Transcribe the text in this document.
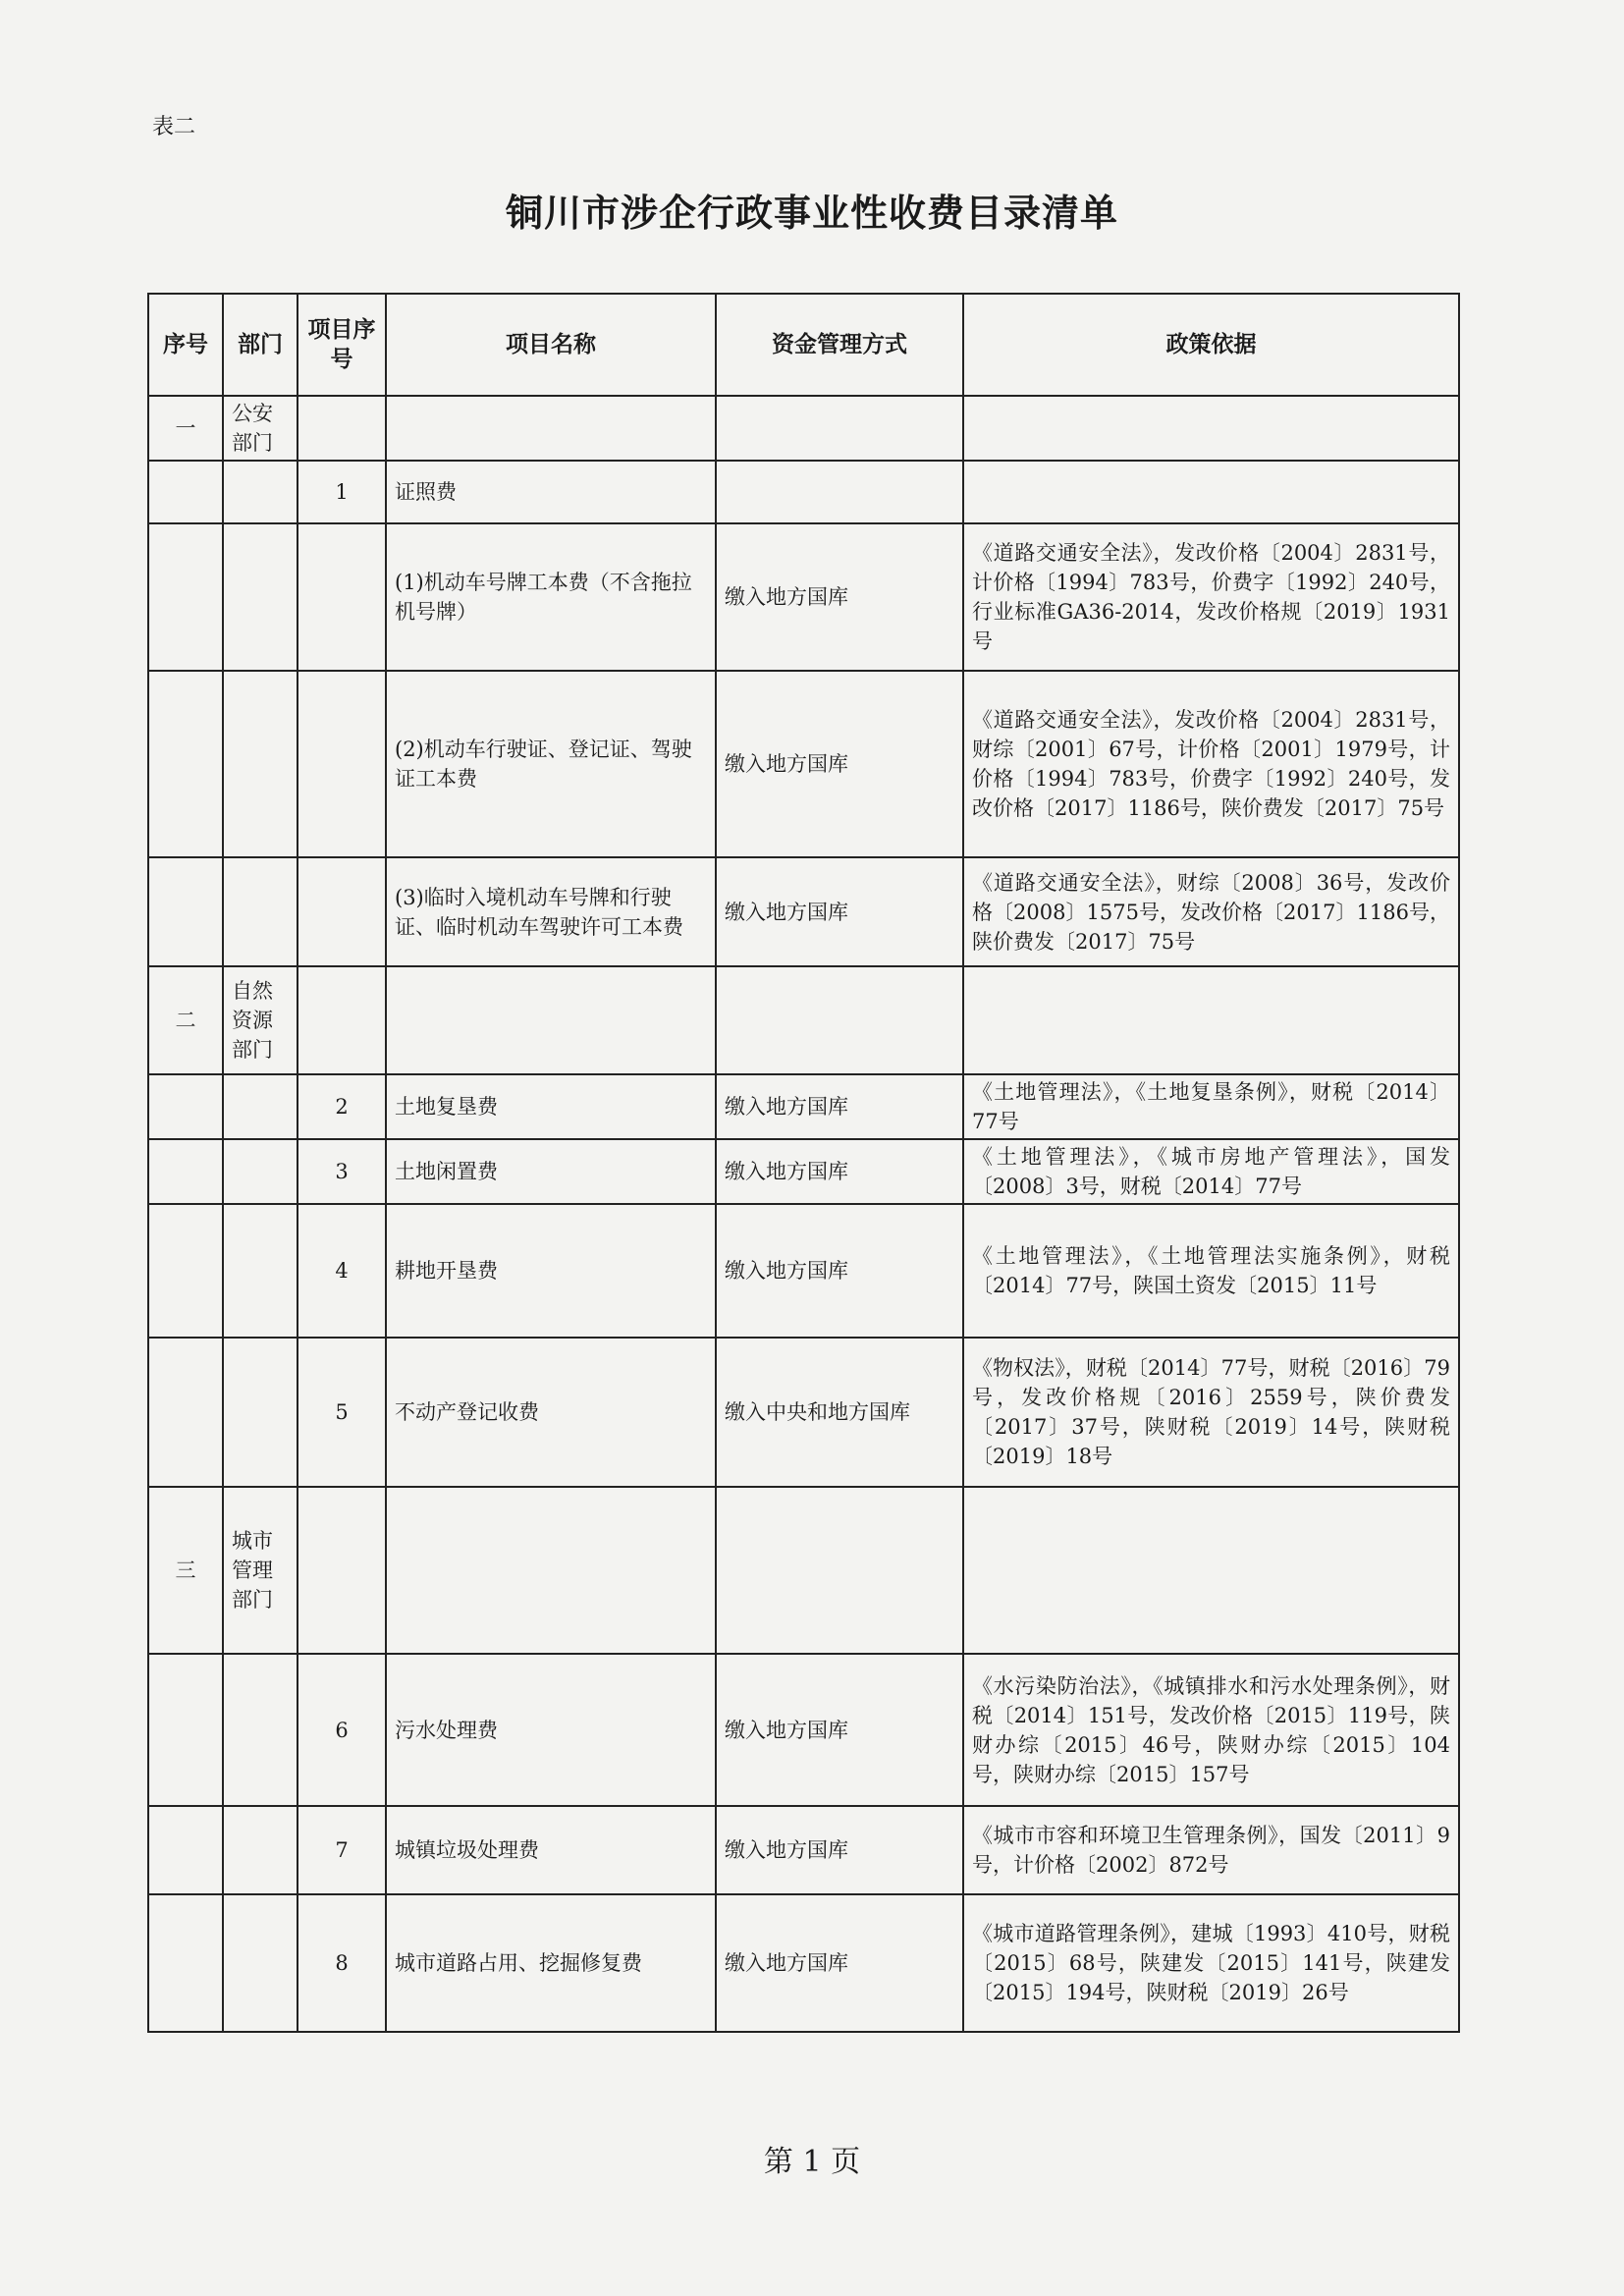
表二
铜川市涉企行政事业性收费目录清单
序号	部门	项目序号	项目名称	资金管理方式	政策依据
一	公安部门				
		1	证照费		
			(1)机动车号牌工本费（不含拖拉机号牌）	缴入地方国库	《道路交通安全法》，发改价格〔2004〕2831号，计价格〔1994〕783号，价费字〔1992〕240号，行业标准GA36-2014，发改价格规〔2019〕1931号
			(2)机动车行驶证、登记证、驾驶证工本费	缴入地方国库	《道路交通安全法》，发改价格〔2004〕2831号，财综〔2001〕67号，计价格〔2001〕1979号，计价格〔1994〕783号，价费字〔1992〕240号，发改价格〔2017〕1186号，陕价费发〔2017〕75号
			(3)临时入境机动车号牌和行驶证、临时机动车驾驶许可工本费	缴入地方国库	《道路交通安全法》，财综〔2008〕36号，发改价格〔2008〕1575号，发改价格〔2017〕1186号，陕价费发〔2017〕75号
二	自然资源部门				
		2	土地复垦费	缴入地方国库	《土地管理法》，《土地复垦条例》，财税〔2014〕77号
		3	土地闲置费	缴入地方国库	《土地管理法》，《城市房地产管理法》，国发〔2008〕3号，财税〔2014〕77号
		4	耕地开垦费	缴入地方国库	《土地管理法》，《土地管理法实施条例》，财税〔2014〕77号，陕国土资发〔2015〕11号
		5	不动产登记收费	缴入中央和地方国库	《物权法》，财税〔2014〕77号，财税〔2016〕79号，发改价格规〔2016〕2559号，陕价费发〔2017〕37号，陕财税〔2019〕14号，陕财税〔2019〕18号
三	城市管理部门				
		6	污水处理费	缴入地方国库	《水污染防治法》，《城镇排水和污水处理条例》，财税〔2014〕151号，发改价格〔2015〕119号，陕财办综〔2015〕46号，陕财办综〔2015〕104号，陕财办综〔2015〕157号
		7	城镇垃圾处理费	缴入地方国库	《城市市容和环境卫生管理条例》，国发〔2011〕9号，计价格〔2002〕872号
		8	城市道路占用、挖掘修复费	缴入地方国库	《城市道路管理条例》，建城〔1993〕410号，财税〔2015〕68号，陕建发〔2015〕141号，陕建发〔2015〕194号，陕财税〔2019〕26号
第 1 页
